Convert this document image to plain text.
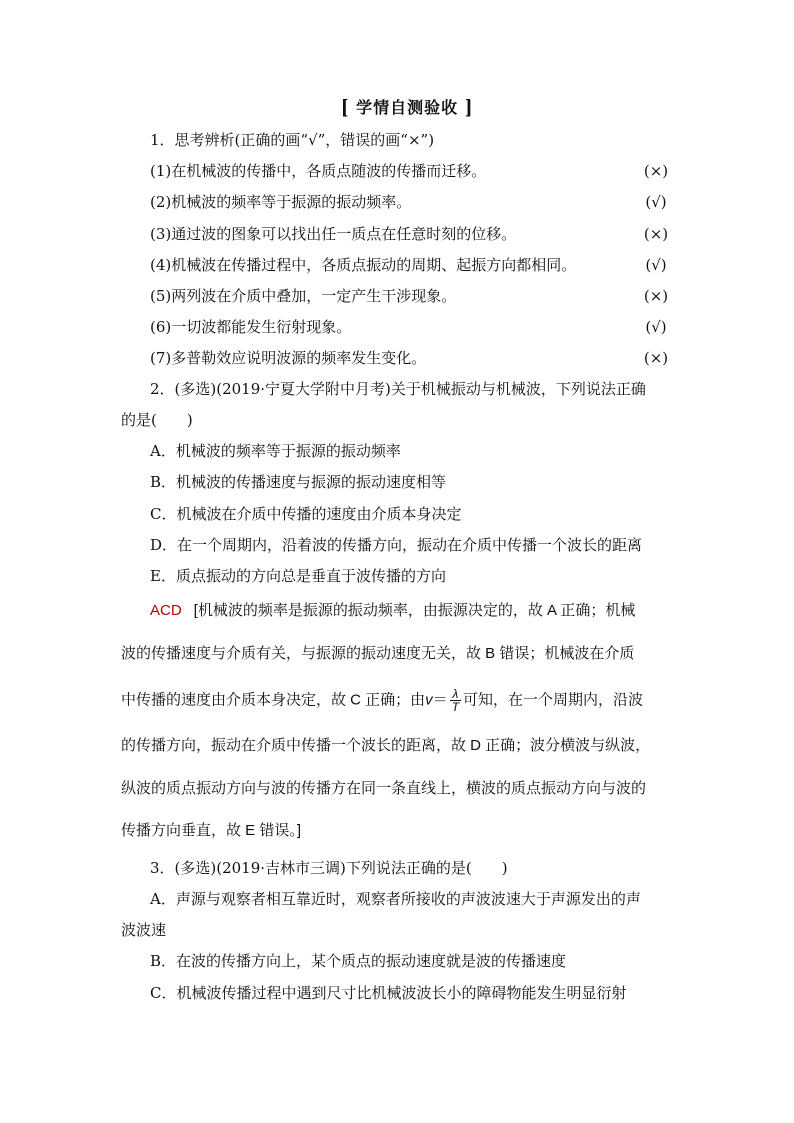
[ 学情自测验收 ]
1．思考辨析(正确的画“√”，错误的画“×”)
(1)在机械波的传播中，各质点随波的传播而迁移。	(×)
(2)机械波的频率等于振源的振动频率。	(√)
(3)通过波的图象可以找出任一质点在任意时刻的位移。	(×)
(4)机械波在传播过程中，各质点振动的周期、起振方向都相同。	(√)
(5)两列波在介质中叠加，一定产生干涉现象。	(×)
(6)一切波都能发生衍射现象。	(√)
(7)多普勒效应说明波源的频率发生变化。	(×)
2．(多选)(2019·宁夏大学附中月考)关于机械振动与机械波，下列说法正确
的是(　　)
A．机械波的频率等于振源的振动频率
B．机械波的传播速度与振源的振动速度相等
C．机械波在介质中传播的速度由介质本身决定
D．在一个周期内，沿着波的传播方向，振动在介质中传播一个波长的距离
E．质点振动的方向总是垂直于波传播的方向
ACD [机械波的频率是振源的振动频率，由振源决定的，故 A 正确；机械
波的传播速度与介质有关，与振源的振动速度无关，故 B 错误；机械波在介质
中传播的速度由介质本身决定，故 C 正确；由$v= \frac{\lambda}{T}$ 可知，在一个周期内，沿波
的传播方向，振动在介质中传播一个波长的距离，故 D 正确；波分横波与纵波，
纵波的质点振动方向与波的传播方在同一条直线上，横波的质点振动方向与波的
传播方向垂直，故 E 错误。]
3．(多选)(2019·吉林市三调)下列说法正确的是(　　)
A．声源与观察者相互靠近时，观察者所接收的声波波速大于声源发出的声
波波速
B．在波的传播方向上，某个质点的振动速度就是波的传播速度
C．机械波传播过程中遇到尺寸比机械波波长小的障碍物能发生明显衍射
